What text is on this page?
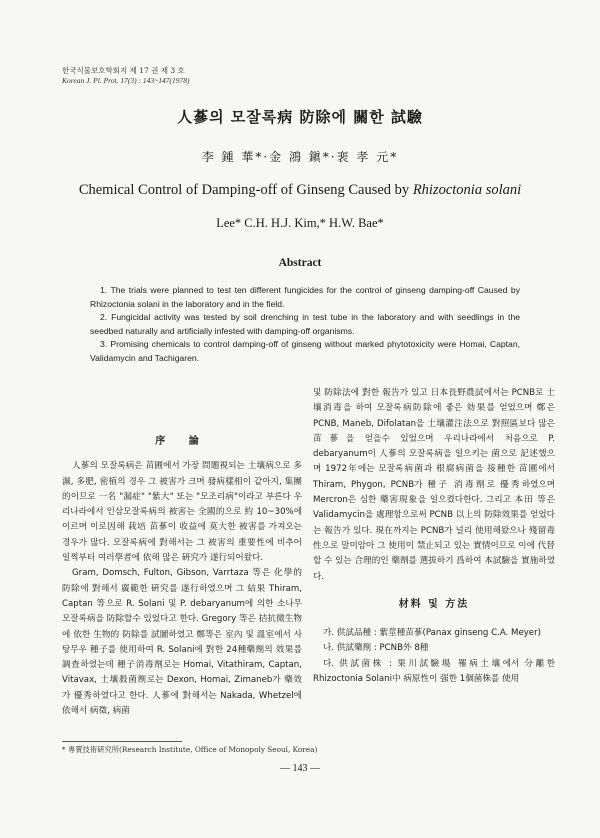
한국식물보호학회지 제 17 권 제 3 호
Korean J. Pl. Prot. 17(3) : 143~147(1978)
人蔘의 모잘록病 防除에 關한 試驗
李 鍾 華*·金 鴻 鎭*·裵 孝 元*
Chemical Control of Damping-off of Ginseng Caused by Rhizoctonia solani
Lee* C.H. H.J. Kim,* H.W. Bae*
Abstract

1. The trials were planned to test ten different fungicides for the control of ginseng damping-off Caused by Rhizoctonia solani in the laboratory and in the field.

2. Fungicidal activity was tested by soil drenching in test tube in the laboratory and with seedlings in the seedbed naturally and artificially infested with damping-off organisms.

3. Promising chemicals to control damping-off of ginseng without marked phytotoxicity were Homai, Captan, Validamycin and Tachigaren.

序 論

人蔘의 모잘록病은 苗圃에서 가장 問題視되는 土壤病으로 多濕, 多肥, 密植의 경우 그 被害가 크며 發病樣相이 같아지, 集團的이므로 一名 "漏症" "紫大" 또는 "모조리病"이라고 부른다 우리나라에서 인삼모잘록病의 被害는 全國的으로 約 10~30%에 이르며 이로因해 栽培 苗蔘이 收益에 莫大한 被害를 가져오는 경우가 많다. 모잘록病에 對해서는 그 被害의 重要性에 비추어 일찍부터 여러學者에 依해 많은 硏究가 遂行되어왔다.

Gram, Domsch, Fulton, Gibson, Varrtaza 等은 化學的 防除에 對해서 廣範한 硏究를 遂行하였으며 그 結果 Thiram, Captan 等으로 R. Solani 및 P. debaryanum에 의한 소나무 모잘록病을 防除할수 있었다고 한다. Gregory 等은 拮抗微生物에 依한 生物的 防除를 試圖하였고 鄭等은 室內 및 溫室에서 사탕무우 種子를 使用하여 R. Solani에 對한 24種藥劑의 效果를 調査하였는데 種子消毒劑로는 Homai, Vitathiram, Captan, Vitavax, 土壤殺菌劑로는 Dexon, Homai, Zimaneb가 藥效가 優秀하였다고 한다. 人蔘에 對해서는 Nakada, Whetzel에 依해서 病徵, 病菌

및 防除法에 對한 報告가 있고 日本長野農試에서는 PCNB로 土壤消毒을 하여 모잘록病防除에 좋은 効果를 얻었으며 鄭은 PCNB, Maneb, Difolatan을 土壤灌注法으로 對照區보다 많은 苗蔘을 얻을수 있었으며 우리나라에서 처음으로 P. debaryanum이 人蔘의 모잘록病을 일으키는 菌으로 記述했으며 1972年에는 모잘록病菌과 根腐病菌을 接種한 苗圃에서 Thiram, Phygon, PCNB가 種子 消毒劑로 優秀하였으며 Mercron은 심한 藥害現象을 일으켰다한다. 그리고 本田 等은 Validamycin을 處理함으로써 PCNB 以上의 防除效果를 얻었다는 報告가 있다. 現在까지는 PCNB가 널리 使用해왔으나 殘留毒性으로 말미암아 그 使用이 禁止되고 있는 實情이므로 이에 代替할 수 있는 合理的인 藥劑를 選拔하기 爲하여 本試驗을 實施하였다.

材料 및 方法

가. 供試品種 : 紫莖種苗蔘(Panax ginseng C.A. Meyer)

나. 供試藥劑 : PCNB外 8種

다. 供試菌株 : 果川試驗場 罹病土壤에서 分離한 Rhizoctonia Solani中 病原性이 强한 1個菌株를 使用

* 專賣技術硏究所(Research Institute, Office of Monopoly Seoul, Korea)
— 143 —
